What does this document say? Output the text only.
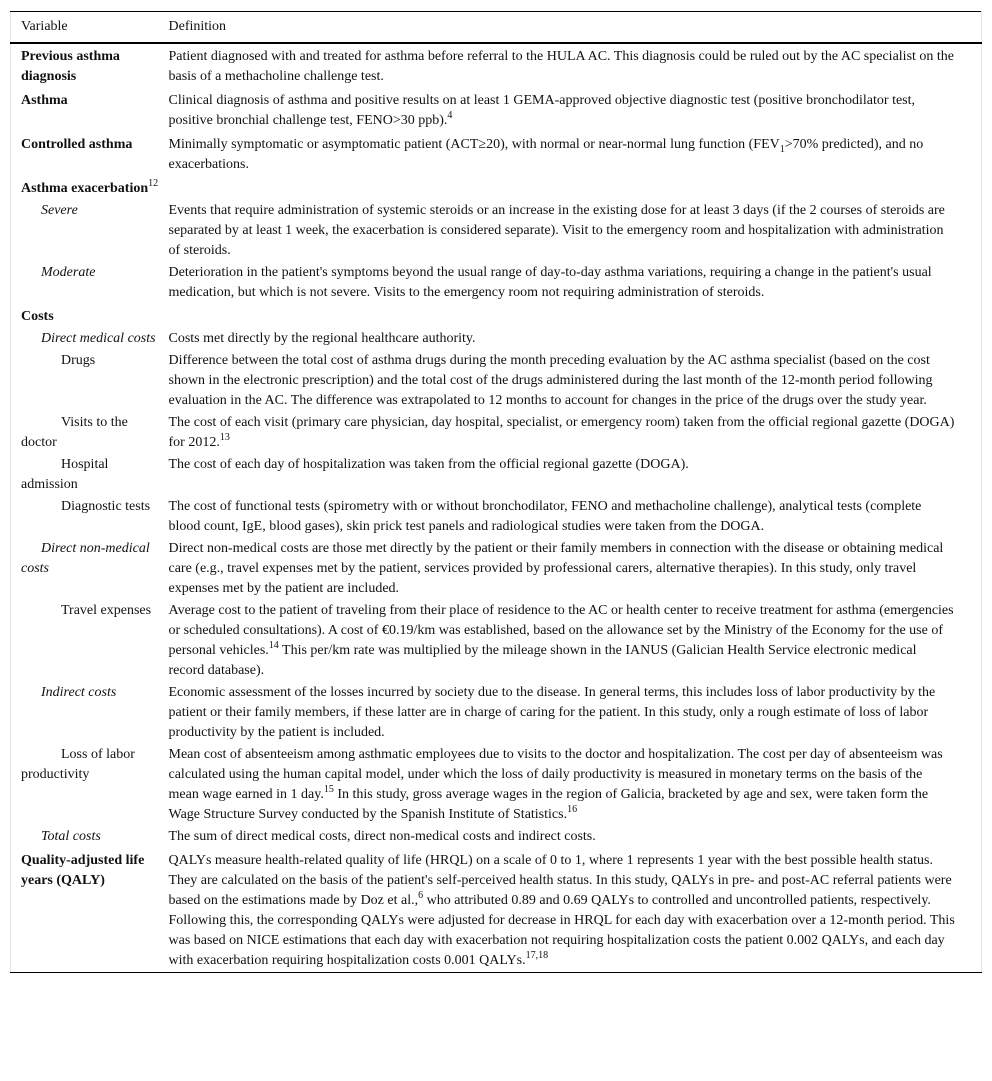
Variable	Definition
Previous asthma diagnosis	Patient diagnosed with and treated for asthma before referral to the HULA AC. This diagnosis could be ruled out by the AC specialist on the basis of a methacholine challenge test.
Asthma	Clinical diagnosis of asthma and positive results on at least 1 GEMA-approved objective diagnostic test (positive bronchodilator test, positive bronchial challenge test, FENO>30 ppb).$^4$
Controlled asthma	Minimally symptomatic or asymptomatic patient (ACT≥20), with normal or near-normal lung function ($FEV_1>70\%$ predicted), and no exacerbations.
Asthma exacerbation$^{12}$
Severe	Events that require administration of systemic steroids or an increase in the existing dose for at least 3 days (if the 2 courses of steroids are separated by at least 1 week, the exacerbation is considered separate). Visit to the emergency room and hospitalization with administration of steroids.
Moderate	Deterioration in the patient's symptoms beyond the usual range of day-to-day asthma variations, requiring a change in the patient's usual medication, but which is not severe. Visits to the emergency room not requiring administration of steroids.
Costs	
Direct medical costs	Costs met directly by the regional healthcare authority.
Drugs	Difference between the total cost of asthma drugs during the month preceding evaluation by the AC asthma specialist (based on the cost shown in the electronic prescription) and the total cost of the drugs administered during the last month of the 12-month period following evaluation in the AC. The difference was extrapolated to 12 months to account for changes in the price of the drugs over the study year.
Visits to the doctor	The cost of each visit (primary care physician, day hospital, specialist, or emergency room) taken from the official regional gazette (DOGA) for 2012.13
Hospital admission	The cost of each day of hospitalization was taken from the official regional gazette (DOGA).
Diagnostic tests	The cost of functional tests (spirometry with or without bronchodilator, FENO and methacholine challenge), analytical tests (complete blood count, IgE, blood gases), skin prick test panels and radiological studies were taken from the DOGA.
Direct non-medical costs	Direct non-medical costs are those met directly by the patient or their family members in connection with the disease or obtaining medical care (e.g., travel expenses met by the patient, services provided by professional carers, alternative therapies). In this study, only travel expenses met by the patient are included.
Travel expenses	Average cost to the patient of traveling from their place of residence to the AC or health center to receive treatment for asthma (emergencies or scheduled consultations). A cost of €0.19/km was established, based on the allowance set by the Ministry of the Economy for the use of personal vehicles.$^{14}$ This per/km rate was multiplied by the mileage shown in the IANUS (Galician Health Service electronic medical record database).
Indirect costs	Economic assessment of the losses incurred by society due to the disease. In general terms, this includes loss of labor productivity by the patient or their family members, if these latter are in charge of caring for the patient. In this study, only a rough estimate of loss of labor productivity by the patient is included.
Loss of labor productivity	Mean cost of absenteeism among asthmatic employees due to visits to the doctor and hospitalization. The cost per day of absenteeism was calculated using the human capital model, under which the loss of daily productivity is measured in monetary terms on the basis of the mean wage earned in 1 day.$^{15}$ In this study, gross average wages in the region of Galicia, bracketed by age and sex, were taken form the Wage Structure Survey conducted by the Spanish Institute of Statistics.$^{16}$
Total costs	The sum of direct medical costs, direct non-medical costs and indirect costs.
Quality-adjusted life years (QALY)	QALYs measure health-related quality of life (HRQL) on a scale of 0 to 1, where 1 represents 1 year with the best possible health status. They are calculated on the basis of the patient's self-perceived health status. In this study, QALYs in pre- and post-AC referral patients were based on the estimations made by Doz et al.,$^6$ who attributed 0.89 and 0.69 QALYs to controlled and uncontrolled patients, respectively. Following this, the corresponding QALYs were adjusted for decrease in HRQL for each day with exacerbation over a 12-month period. This was based on NICE estimations that each day with exacerbation not requiring hospitalization costs the patient 0.002 QALYs, and each day with exacerbation requiring hospitalization costs 0.001 QALYs.$^{17,18}$
